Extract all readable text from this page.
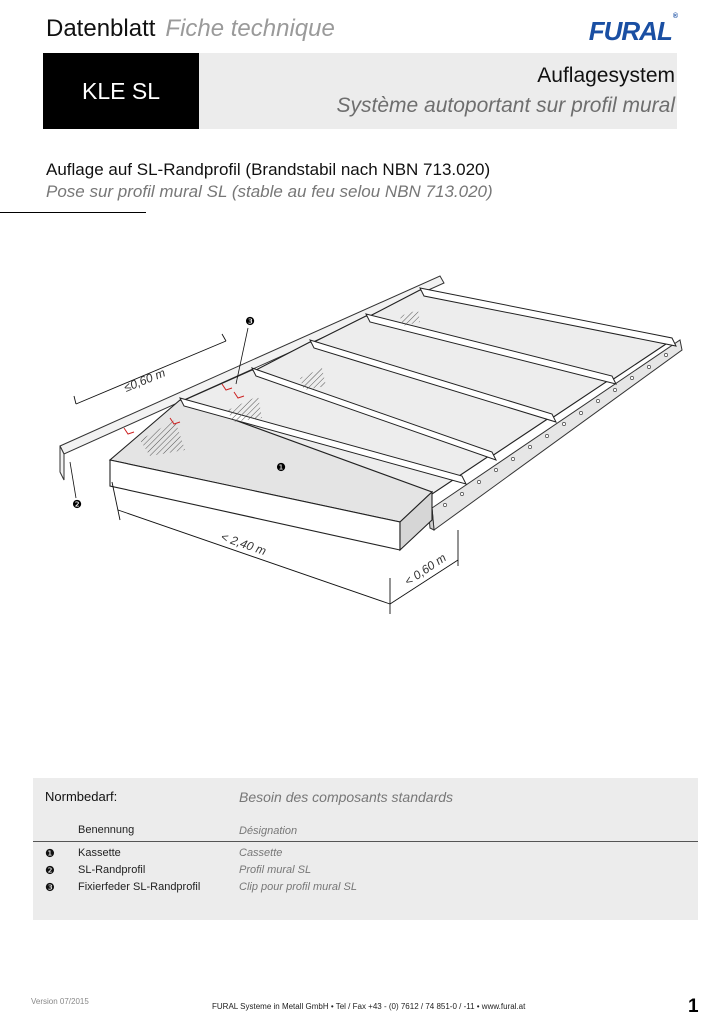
Datenblatt Fiche technique	FURAL®
KLE SL
Auflagesystem
Système autoportant sur profil mural
Auflage auf SL-Randprofil (Brandstabil nach NBN 713.020)
Pose sur profil mural SL (stable au feu selou NBN 713.020)
≤0,60 m
< 2,40 m
< 0,60 m
❸
❶
❷
Normbedarf:	Besoin des composants standards
Benennung	Désignation
❶ Kassette	Cassette
❷ SL-Randprofil	Profil mural SL
❸ Fixierfeder SL-Randprofil	Clip pour profil mural SL
Version 07/2015
FURAL Systeme in Metall GmbH • Tel / Fax +43 - (0) 7612 / 74 851-0 / -11 • www.fural.at	1
